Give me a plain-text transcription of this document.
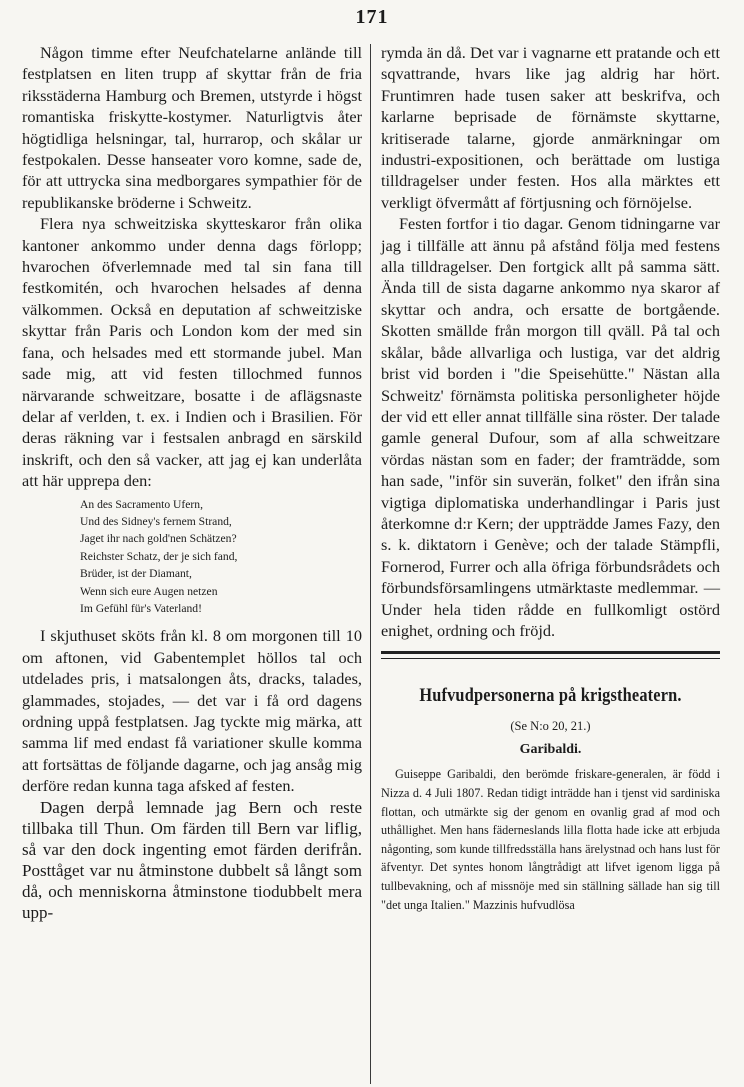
171

Någon timme efter Neufchatelarne anlände till festplatsen en liten trupp af skyttar från de fria riksstäderna Hamburg och Bremen, utstyrde i högst romantiska friskytte-kostymer. Naturligtvis åter högtidliga helsningar, tal, hurrarop, och skålar ur festpokalen. Desse hanseater voro komne, sade de, för att uttrycka sina medborgares sympathier för de republikanske bröderne i Schweitz.

Flera nya schweitziska skytteskaror från olika kantoner ankommo under denna dags förlopp; hvarochen öfverlemnade med tal sin fana till festkomitén, och hvarochen helsades af denna välkommen. Också en deputation af schweitziske skyttar från Paris och London kom der med sin fana, och helsades med ett stormande jubel. Man sade mig, att vid festen tillochmed funnos närvarande schweitzare, bosatte i de aflägsnaste delar af verlden, t. ex. i Indien och i Brasilien. För deras räkning var i festsalen anbragd en särskild inskrift, och den så vacker, att jag ej kan underlåta att här upprepa den:

An des Sacramento Ufern,
Und des Sidney's fernem Strand,
Jaget ihr nach gold'nen Schätzen?
Reichster Schatz, der je sich fand,
Brüder, ist der Diamant,
Wenn sich eure Augen netzen
Im Gefühl für's Vaterland!

I skjuthuset sköts från kl. 8 om morgonen till 10 om aftonen, vid Gabentemplet höllos tal och utdelades pris, i matsalongen åts, dracks, talades, glammades, stojades, — det var i få ord dagens ordning uppå festplatsen. Jag tyckte mig märka, att samma lif med endast få variationer skulle komma att fortsättas de följande dagarne, och jag ansåg mig derföre redan kunna taga afsked af festen.

Dagen derpå lemnade jag Bern och reste tillbaka till Thun. Om färden till Bern var liflig, så var den dock ingenting emot färden derifrån. Posttåget var nu åtminstone dubbelt så långt som då, och menniskorna åtminstone tiodubbelt mera upp-

rymda än då. Det var i vagnarne ett pratande och ett sqvattrande, hvars like jag aldrig har hört. Fruntimren hade tusen saker att beskrifva, och karlarne beprisade de förnämste skyttarne, kritiserade talarne, gjorde anmärkningar om industri-expositionen, och berättade om lustiga tilldragelser under festen. Hos alla märktes ett verkligt öfvermått af förtjusning och förnöjelse.

Festen fortfor i tio dagar. Genom tidningarne var jag i tillfälle att ännu på afstånd följa med festens alla tilldragelser. Den fortgick allt på samma sätt. Ända till de sista dagarne ankommo nya skaror af skyttar och andra, och ersatte de bortgående. Skotten smällde från morgon till qväll. På tal och skålar, både allvarliga och lustiga, var det aldrig brist vid borden i "die Speisehütte." Nästan alla Schweitz' förnämsta politiska personligheter höjde der vid ett eller annat tillfälle sina röster. Der talade gamle general Dufour, som af alla schweitzare vördas nästan som en fader; der framträdde, som han sade, "inför sin suverän, folket" den ifrån sina vigtiga diplomatiska underhandlingar i Paris just återkomne d:r Kern; der uppträdde James Fazy, den s. k. diktatorn i Genève; och der talade Stämpfli, Fornerod, Furrer och alla öfriga förbundsrådets och förbundsförsamlingens utmärktaste medlemmar. — Under hela tiden rådde en fullkomligt ostörd enighet, ordning och fröjd.

Hufvudpersonerna på krigstheatern.
(Se N:o 20, 21.)
Garibaldi.

Guiseppe Garibaldi, den berömde friskare-generalen, är född i Nizza d. 4 Juli 1807. Redan tidigt inträdde han i tjenst vid sardiniska flottan, och utmärkte sig der genom en ovanlig grad af mod och uthållighet. Men hans fäderneslands lilla flotta hade icke att erbjuda någonting, som kunde tillfredsställa hans ärelystnad och hans lust för äfventyr. Det syntes honom långtrådigt att lifvet igenom ligga på tullbevakning, och af missnöje med sin ställning sällade han sig till "det unga Italien." Mazzinis hufvudlösa
